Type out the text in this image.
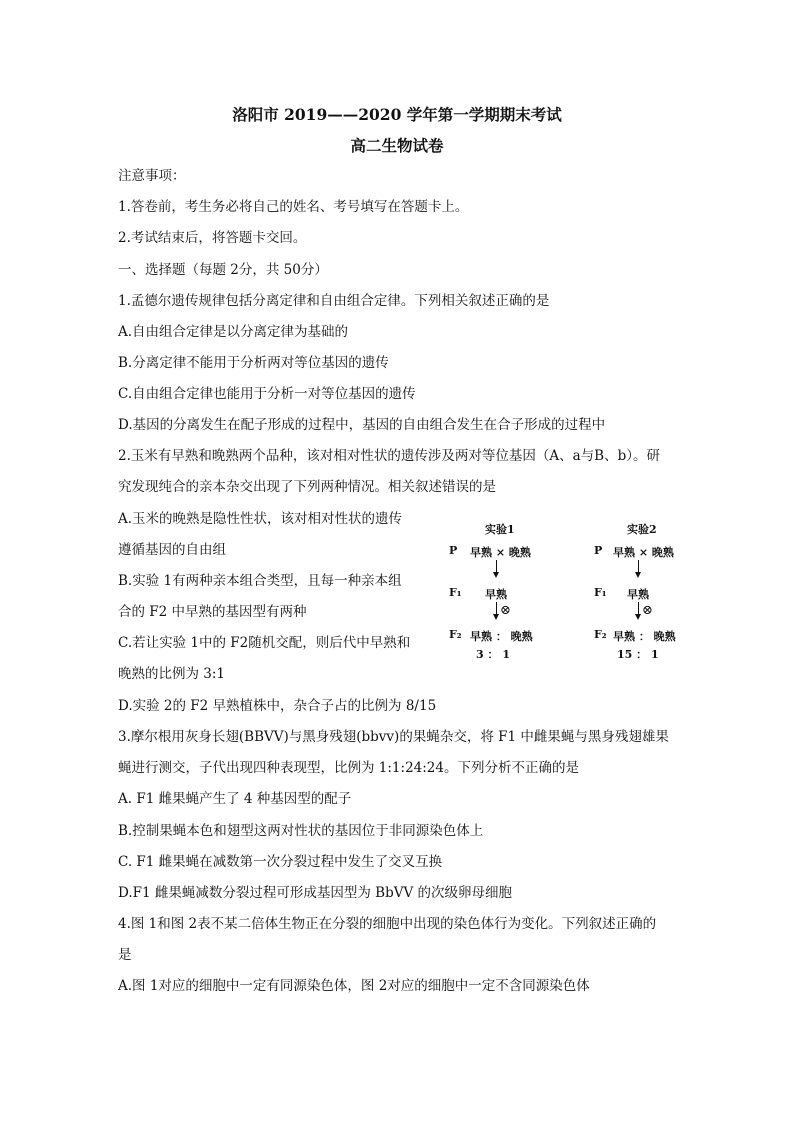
洛阳市 2019——2020 学年第一学期期末考试
高二生物试卷
注意事项：
1.答卷前，考生务必将自己的姓名、考号填写在答题卡上。
2.考试结束后，将答题卡交回。
一、选择题（每题 2分，共 50分）
1.孟德尔遗传规律包括分离定律和自由组合定律。下列相关叙述正确的是
A.自由组合定律是以分离定律为基础的
B.分离定律不能用于分析两对等位基因的遗传
C.自由组合定律也能用于分析一对等位基因的遗传
D.基因的分离发生在配子形成的过程中，基因的自由组合发生在合子形成的过程中
2.玉米有早熟和晚熟两个品种，该对相对性状的遗传涉及两对等位基因（A、a与B、b）。研
究发现纯合的亲本杂交出现了下列两种情况。相关叙述错误的是
A.玉米的晚熟是隐性性状，该对相对性状的遗传
遵循基因的自由组
B.实验 1有两种亲本组合类型，且每一种亲本组
合的 F2 中早熟的基因型有两种
C.若让实验 1中的 F2随机交配，则后代中早熟和
晚熟的比例为 3:1
D.实验 2的 F2 早熟植株中，杂合子占的比例为 8/15
实验1
P 早熟 × 晚熟
F₁ 早熟
⊗
F₂ 早熟 ： 晚熟
3 ： 1
实验2
P 早熟 × 晚熟
F₁ 早熟
⊗
F₂ 早熟 ： 晚熟
15 ： 1
3.摩尔根用灰身长翅(BBVV)与黑身残翅(bbvv)的果蝇杂交，将 F1 中雌果蝇与黑身残翅雄果
蝇进行测交，子代出现四种表现型，比例为 1:1:24:24。下列分析不正确的是
A. F1 雌果蝇产生了 4 种基因型的配子
B.控制果蝇本色和翅型这两对性状的基因位于非同源染色体上
C. F1 雌果蝇在减数第一次分裂过程中发生了交叉互换
D.F1 雌果蝇减数分裂过程可形成基因型为 BbVV 的次级卵母细胞
4.图 1和图 2表不某二倍体生物正在分裂的细胞中出现的染色体行为变化。下列叙述正确的
是
A.图 1对应的细胞中一定有同源染色体，图 2对应的细胞中一定不含同源染色体
